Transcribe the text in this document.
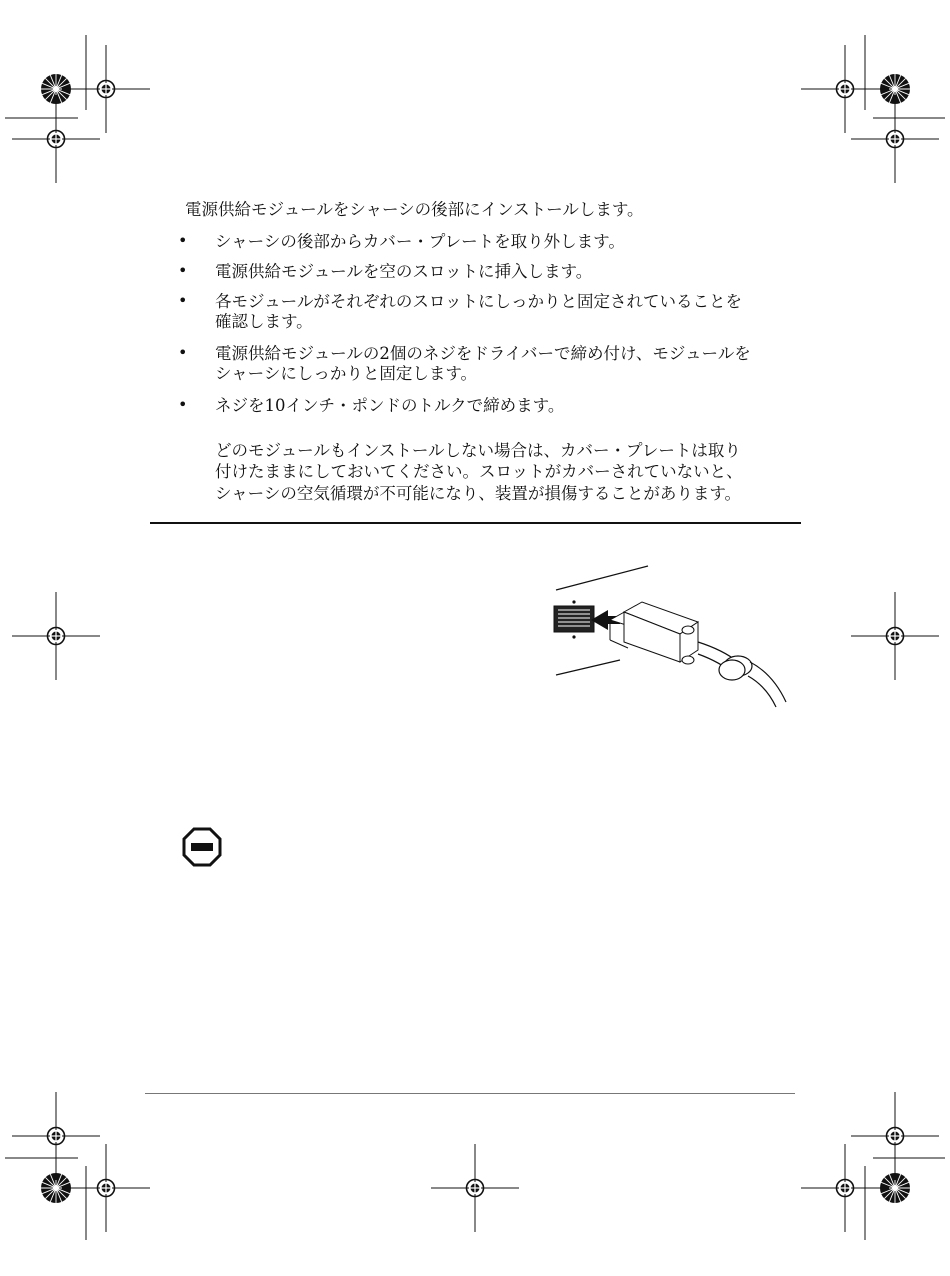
電源供給モジュールをシャーシの後部にインストールします。
• シャーシの後部からカバー・プレートを取り外します。
• 電源供給モジュールを空のスロットに挿入します。
• 各モジュールがそれぞれのスロットにしっかりと固定されていることを
確認します。
• 電源供給モジュールの2個のネジをドライバーで締め付け、モジュールを
シャーシにしっかりと固定します。
• ネジを10インチ・ポンドのトルクで締めます。
どのモジュールもインストールしない場合は、カバー・プレートは取り
付けたままにしておいてください。スロットがカバーされていないと、
シャーシの空気循環が不可能になり、装置が損傷することがあります。
